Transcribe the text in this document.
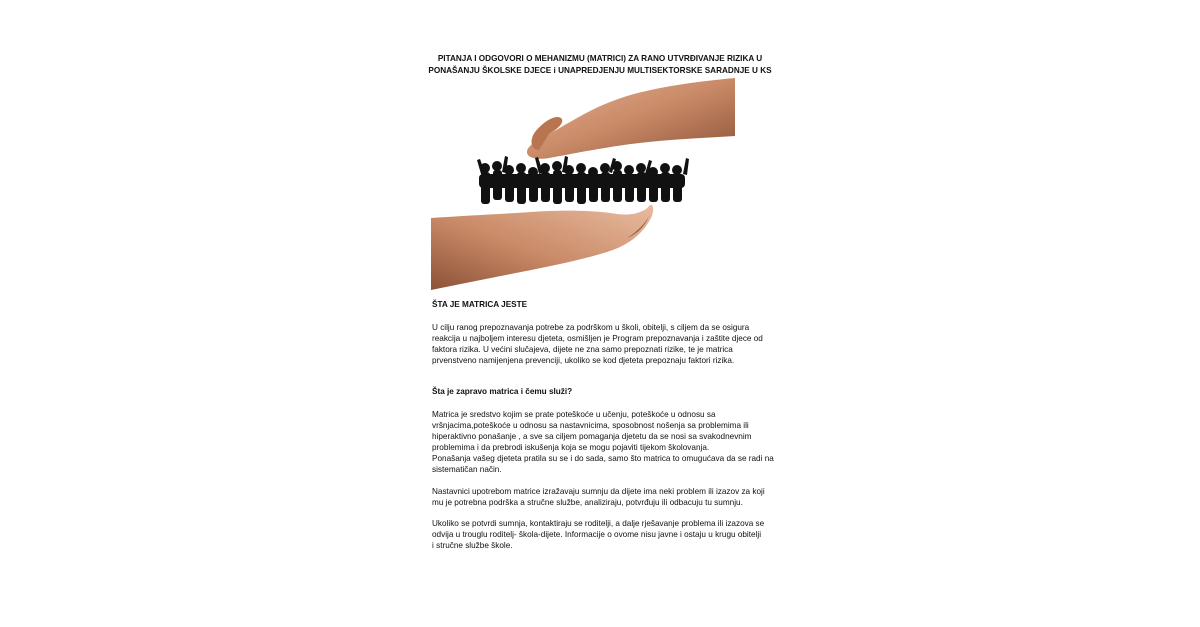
PITANJA I ODGOVORI O MEHANIZMU (MATRICI) ZA RANO UTVRĐIVANJE RIZIKA U
PONAŠANJU ŠKOLSKE DJECE i UNAPREDJENJU MULTISEKTORSKE SARADNJE U KS
ŠTA JE MATRICA JESTE
U cilju ranog prepoznavanja potrebe za podrškom u školi, obitelji, s ciljem da se osigura
reakcija u najboljem interesu djeteta, osmišljen je Program prepoznavanja i zaštite djece od
faktora rizika. U većini slučajeva, dijete ne zna samo prepoznati rizike, te je matrica
prvenstveno namijenjena prevenciji, ukoliko se kod djeteta prepoznaju faktori rizika.
Šta je zapravo matrica i čemu služi?
Matrica je sredstvo kojim se prate poteškoće u učenju, poteškoće u odnosu sa
vršnjacima,poteškoće u odnosu sa nastavnicima, sposobnost nošenja sa problemima ili
hiperaktivno ponašanje , a sve sa ciljem pomaganja djetetu da se nosi sa svakodnevnim
problemima i da prebrodi iskušenja koja se mogu pojaviti tijekom školovanja.
Ponašanja vašeg djeteta pratila su se i do sada, samo što matrica to omugućava da se radi na
sistematičan način.
Nastavnici upotrebom matrice izražavaju sumnju da dijete ima neki problem ili izazov za koji
mu je potrebna podrška a stručne službe, analiziraju, potvrđuju ili odbacuju tu sumnju.
Ukoliko se potvrdi sumnja, kontaktiraju se roditelji, a dalje rješavanje problema ili izazova se
odvija u trouglu roditelj- škola-dijete. Informacije o ovome nisu javne i ostaju u krugu obitelji
i stručne službe škole.
